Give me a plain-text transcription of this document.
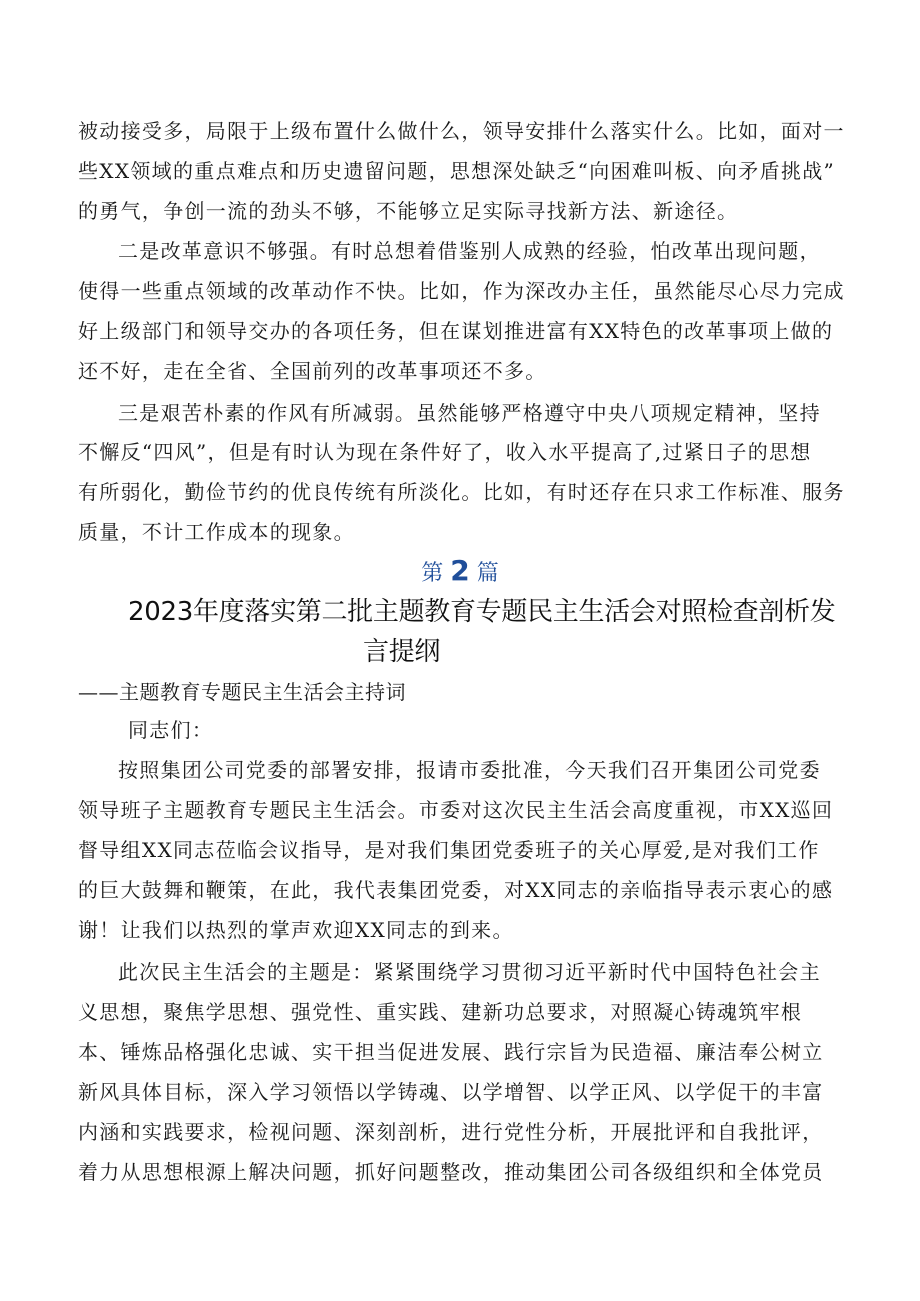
被动接受多，局限于上级布置什么做什么，领导安排什么落实什么。比如，面对一
些XX领域的重点难点和历史遗留问题，思想深处缺乏“向困难叫板、向矛盾挑战”
的勇气，争创一流的劲头不够，不能够立足实际寻找新方法、新途径。
二是改革意识不够强。有时总想着借鉴别人成熟的经验，怕改革出现问题，
使得一些重点领域的改革动作不快。比如，作为深改办主任，虽然能尽心尽力完成
好上级部门和领导交办的各项任务，但在谋划推进富有XX特色的改革事项上做的
还不好，走在全省、全国前列的改革事项还不多。
三是艰苦朴素的作风有所减弱。虽然能够严格遵守中央八项规定精神，坚持
不懈反“四风”，但是有时认为现在条件好了，收入水平提高了,过紧日子的思想
有所弱化，勤俭节约的优良传统有所淡化。比如，有时还存在只求工作标准、服务
质量，不计工作成本的现象。
第 2 篇
2023年度落实第二批主题教育专题民主生活会对照检查剖析发
言提纲
——主题教育专题民主生活会主持词
同志们：
按照集团公司党委的部署安排，报请市委批准，今天我们召开集团公司党委
领导班子主题教育专题民主生活会。市委对这次民主生活会高度重视，市XX巡回
督导组XX同志莅临会议指导，是对我们集团党委班子的关心厚爱,是对我们工作
的巨大鼓舞和鞭策，在此，我代表集团党委，对XX同志的亲临指导表示衷心的感
谢！让我们以热烈的掌声欢迎XX同志的到来。
此次民主生活会的主题是：紧紧围绕学习贯彻习近平新时代中国特色社会主
义思想，聚焦学思想、强党性、重实践、建新功总要求，对照凝心铸魂筑牢根
本、锤炼品格强化忠诚、实干担当促进发展、践行宗旨为民造福、廉洁奉公树立
新风具体目标，深入学习领悟以学铸魂、以学增智、以学正风、以学促干的丰富
内涵和实践要求，检视问题、深刻剖析，进行党性分析，开展批评和自我批评，
着力从思想根源上解决问题，抓好问题整改，推动集团公司各级组织和全体党员
